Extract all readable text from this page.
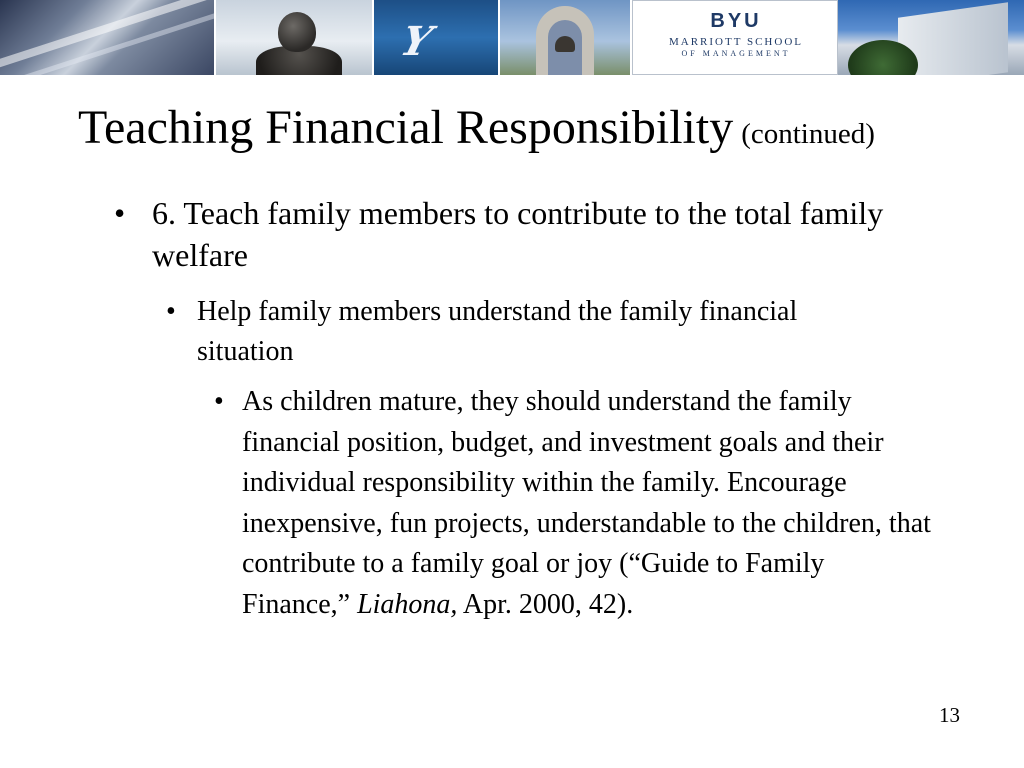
Y	BYU
MARRIOTT SCHOOL
OF MANAGEMENT
Teaching Financial Responsibility (continued)
• 6. Teach family members to contribute to the total family welfare
• Help family members understand the family financial situation
• As children mature, they should understand the family financial position, budget, and investment goals and their individual responsibility within the family. Encourage inexpensive, fun projects, understandable to the children, that contribute to a family goal or joy (“Guide to Family Finance,” Liahona, Apr. 2000, 42).
13
